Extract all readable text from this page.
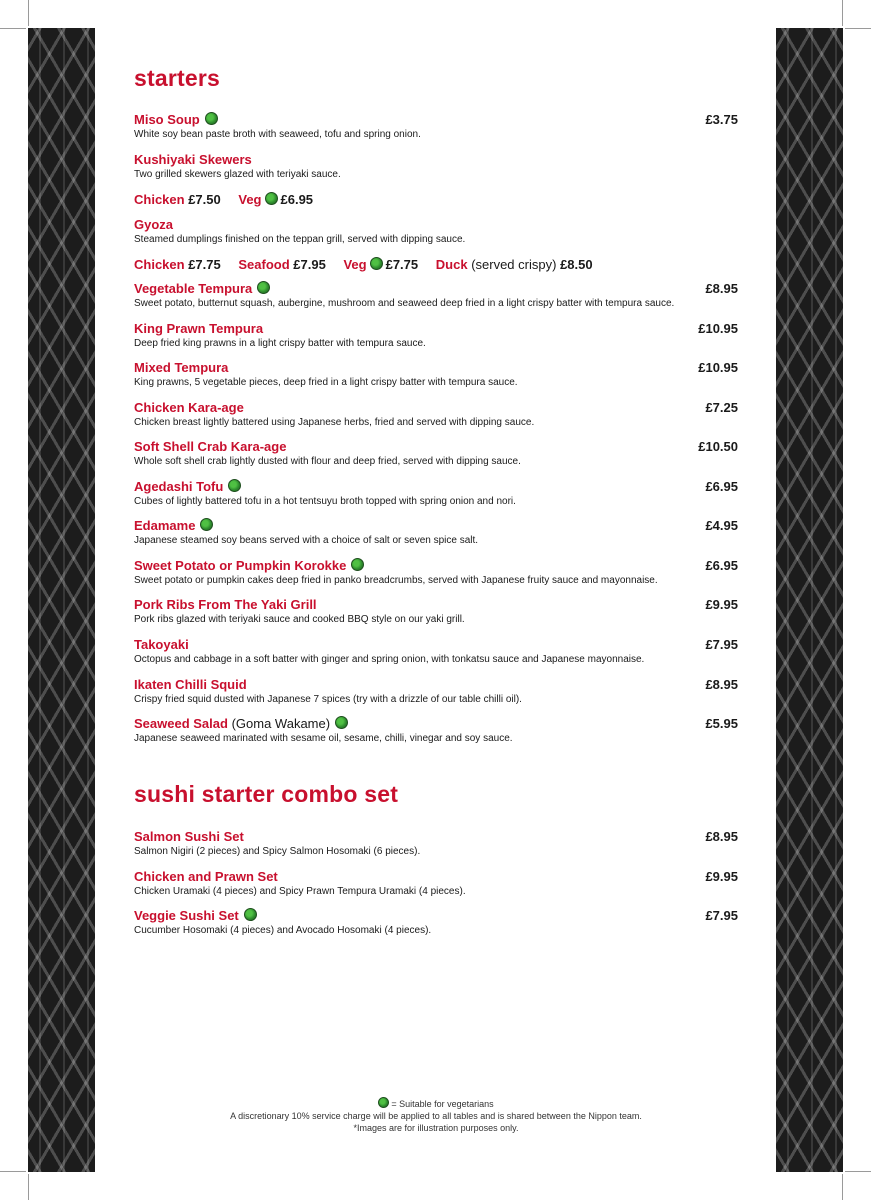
starters
Miso Soup	£3.75
White soy bean paste broth with seaweed, tofu and spring onion.
Kushiyaki Skewers
Two grilled skewers glazed with teriyaki sauce.
Chicken £7.50 Veg £6.95
Gyoza
Steamed dumplings finished on the teppan grill, served with dipping sauce.
Chicken £7.75 Seafood £7.95 Veg £7.75 Duck (served crispy) £8.50
Vegetable Tempura	£8.95
Sweet potato, butternut squash, aubergine, mushroom and seaweed deep fried in a light crispy batter with tempura sauce.
King Prawn Tempura	£10.95
Deep fried king prawns in a light crispy batter with tempura sauce.
Mixed Tempura	£10.95
King prawns, 5 vegetable pieces, deep fried in a light crispy batter with tempura sauce.
Chicken Kara-age	£7.25
Chicken breast lightly battered using Japanese herbs, fried and served with dipping sauce.
Soft Shell Crab Kara-age	£10.50
Whole soft shell crab lightly dusted with flour and deep fried, served with dipping sauce.
Agedashi Tofu	£6.95
Cubes of lightly battered tofu in a hot tentsuyu broth topped with spring onion and nori.
Edamame	£4.95
Japanese steamed soy beans served with a choice of salt or seven spice salt.
Sweet Potato or Pumpkin Korokke	£6.95
Sweet potato or pumpkin cakes deep fried in panko breadcrumbs, served with Japanese fruity sauce and mayonnaise.
Pork Ribs From The Yaki Grill	£9.95
Pork ribs glazed with teriyaki sauce and cooked BBQ style on our yaki grill.
Takoyaki	£7.95
Octopus and cabbage in a soft batter with ginger and spring onion, with tonkatsu sauce and Japanese mayonnaise.
Ikaten Chilli Squid	£8.95
Crispy fried squid dusted with Japanese 7 spices (try with a drizzle of our table chilli oil).
Seaweed Salad (Goma Wakame)	£5.95
Japanese seaweed marinated with sesame oil, sesame, chilli, vinegar and soy sauce.
sushi starter combo set
Salmon Sushi Set	£8.95
Salmon Nigiri (2 pieces) and Spicy Salmon Hosomaki (6 pieces).
Chicken and Prawn Set	£9.95
Chicken Uramaki (4 pieces) and Spicy Prawn Tempura Uramaki (4 pieces).
Veggie Sushi Set	£7.95
Cucumber Hosomaki (4 pieces) and Avocado Hosomaki (4 pieces).
= Suitable for vegetarians
A discretionary 10% service charge will be applied to all tables and is shared between the Nippon team.
*Images are for illustration purposes only.
